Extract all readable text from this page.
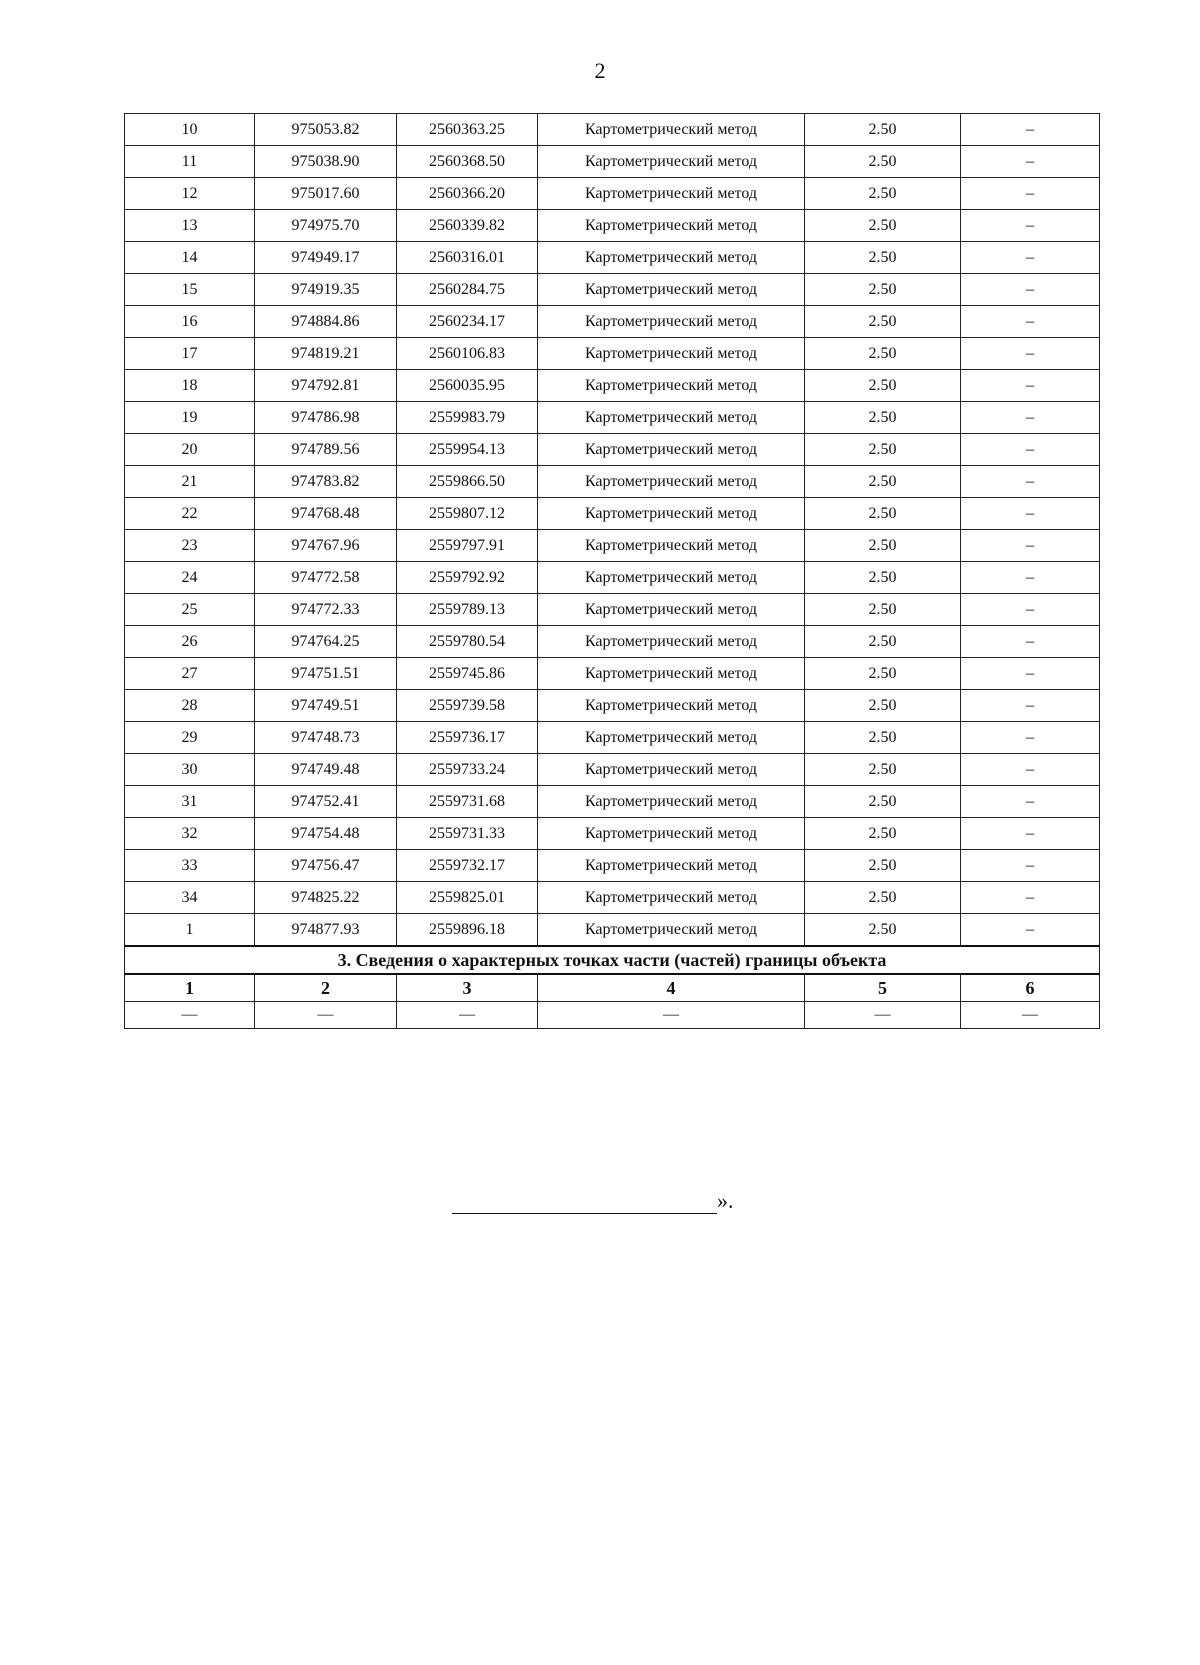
2
10	975053.82	2560363.25	Картометрический метод	2.50	–
11	975038.90	2560368.50	Картометрический метод	2.50	–
12	975017.60	2560366.20	Картометрический метод	2.50	–
13	974975.70	2560339.82	Картометрический метод	2.50	–
14	974949.17	2560316.01	Картометрический метод	2.50	–
15	974919.35	2560284.75	Картометрический метод	2.50	–
16	974884.86	2560234.17	Картометрический метод	2.50	–
17	974819.21	2560106.83	Картометрический метод	2.50	–
18	974792.81	2560035.95	Картометрический метод	2.50	–
19	974786.98	2559983.79	Картометрический метод	2.50	–
20	974789.56	2559954.13	Картометрический метод	2.50	–
21	974783.82	2559866.50	Картометрический метод	2.50	–
22	974768.48	2559807.12	Картометрический метод	2.50	–
23	974767.96	2559797.91	Картометрический метод	2.50	–
24	974772.58	2559792.92	Картометрический метод	2.50	–
25	974772.33	2559789.13	Картометрический метод	2.50	–
26	974764.25	2559780.54	Картометрический метод	2.50	–
27	974751.51	2559745.86	Картометрический метод	2.50	–
28	974749.51	2559739.58	Картометрический метод	2.50	–
29	974748.73	2559736.17	Картометрический метод	2.50	–
30	974749.48	2559733.24	Картометрический метод	2.50	–
31	974752.41	2559731.68	Картометрический метод	2.50	–
32	974754.48	2559731.33	Картометрический метод	2.50	–
33	974756.47	2559732.17	Картометрический метод	2.50	–
34	974825.22	2559825.01	Картометрический метод	2.50	–
1	974877.93	2559896.18	Картометрический метод	2.50	–
3. Сведения о характерных точках части (частей) границы объекта					
1	2	3	4	5	6
—	—	—	—	—	—
».
